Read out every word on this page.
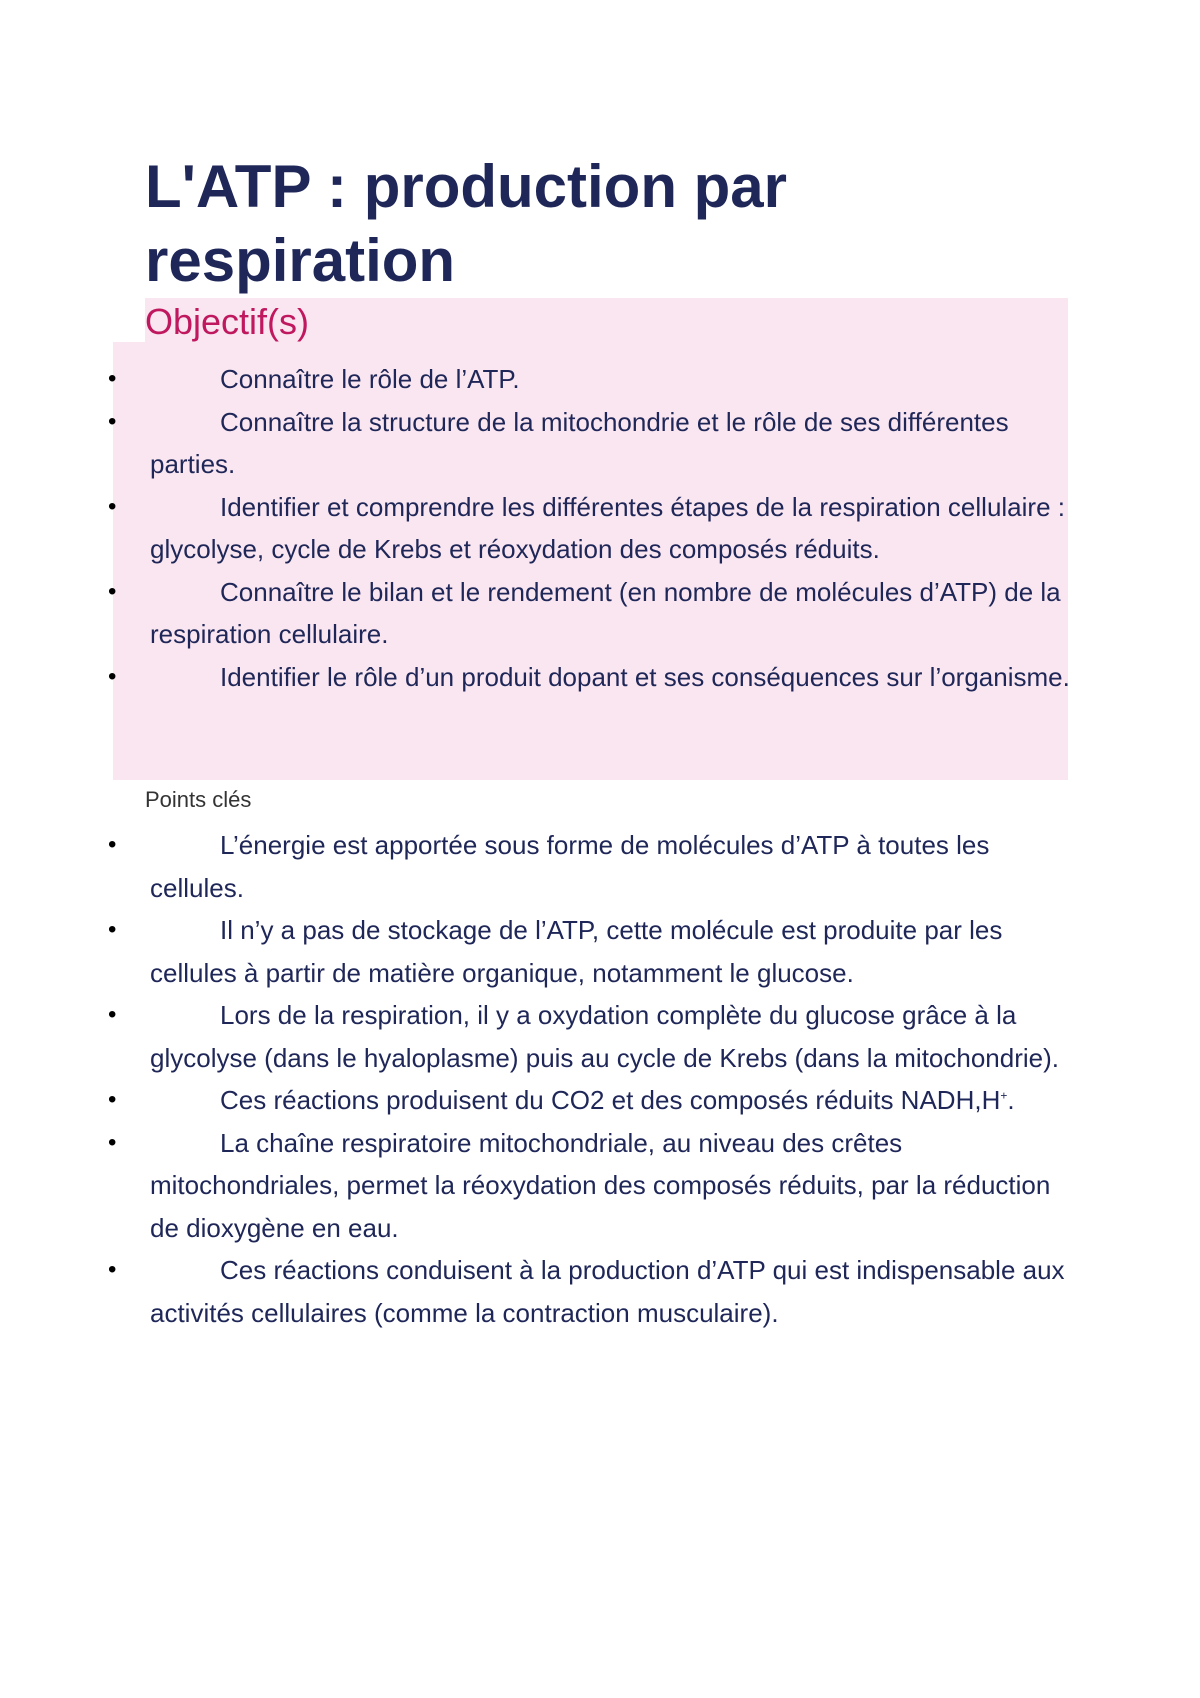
L'ATP : production par respiration
Objectif(s)
•	Connaître le rôle de l’ATP.
•	Connaître la structure de la mitochondrie et le rôle de ses différentes parties.
•	Identifier et comprendre les différentes étapes de la respiration cellulaire : glycolyse, cycle de Krebs et réoxydation des composés réduits.
•	Connaître le bilan et le rendement (en nombre de molécules d’ATP) de la respiration cellulaire.
•	Identifier le rôle d’un produit dopant et ses conséquences sur l’organisme.
Points clés
•	L’énergie est apportée sous forme de molécules d’ATP à toutes les cellules.
•	Il n’y a pas de stockage de l’ATP, cette molécule est produite par les cellules à partir de matière organique, notamment le glucose.
•	Lors de la respiration, il y a oxydation complète du glucose grâce à la glycolyse (dans le hyaloplasme) puis au cycle de Krebs (dans la mitochondrie).
•	Ces réactions produisent du CO2 et des composés réduits NADH,H+.
•	La chaîne respiratoire mitochondriale, au niveau des crêtes mitochondriales, permet la réoxydation des composés réduits, par la réduction de dioxygène en eau.
•	Ces réactions conduisent à la production d’ATP qui est indispensable aux activités cellulaires (comme la contraction musculaire).
